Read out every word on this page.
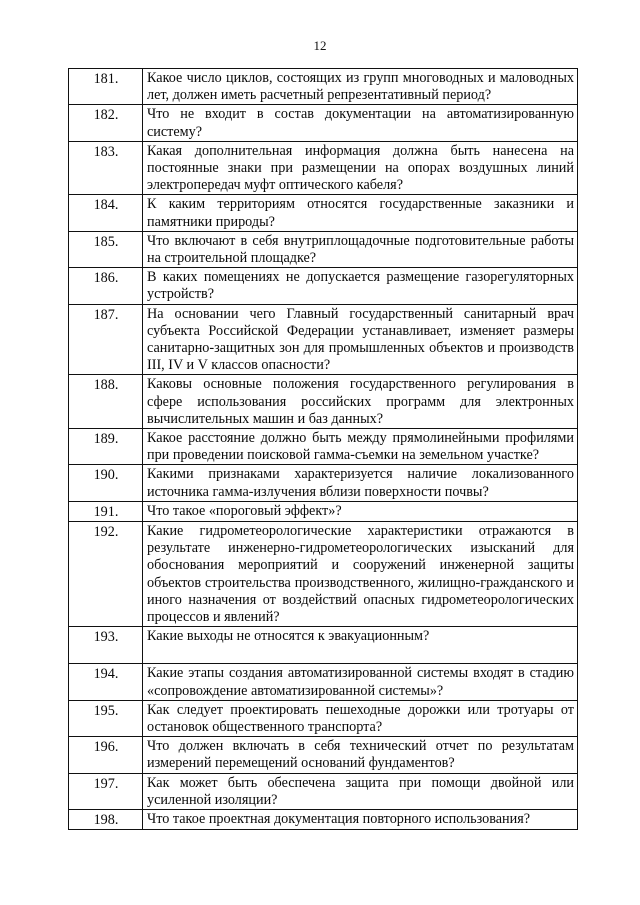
12
181.	Какое число циклов, состоящих из групп многоводных и маловодных лет, должен иметь расчетный репрезентативный период?
182.	Что не входит в состав документации на автоматизированную систему?
183.	Какая дополнительная информация должна быть нанесена на постоянные знаки при размещении на опорах воздушных линий электропередач муфт оптического кабеля?
184.	К каким территориям относятся государственные заказники и памятники природы?
185.	Что включают в себя внутриплощадочные подготовительные работы на строительной площадке?
186.	В каких помещениях не допускается размещение газорегуляторных устройств?
187.	На основании чего Главный государственный санитарный врач субъекта Российской Федерации устанавливает, изменяет размеры санитарно-защитных зон для промышленных объектов и производств III, IV и V классов опасности?
188.	Каковы основные положения государственного регулирования в сфере использования российских программ для электронных вычислительных машин и баз данных?
189.	Какое расстояние должно быть между прямолинейными профилями при проведении поисковой гамма-съемки на земельном участке?
190.	Какими признаками характеризуется наличие локализованного источника гамма-излучения вблизи поверхности почвы?
191.	Что такое «пороговый эффект»?
192.	Какие гидрометеорологические характеристики отражаются в результате инженерно-гидрометеорологических изысканий для обоснования мероприятий и сооружений инженерной защиты объектов строительства производственного, жилищно-гражданского и иного назначения от воздействий опасных гидрометеорологических процессов и явлений?
193.	Какие выходы не относятся к эвакуационным?
194.	Какие этапы создания автоматизированной системы входят в стадию «сопровождение автоматизированной системы»?
195.	Как следует проектировать пешеходные дорожки или тротуары от остановок общественного транспорта?
196.	Что должен включать в себя технический отчет по результатам измерений перемещений оснований фундаментов?
197.	Как может быть обеспечена защита при помощи двойной или усиленной изоляции?
198.	Что такое проектная документация повторного использования?
